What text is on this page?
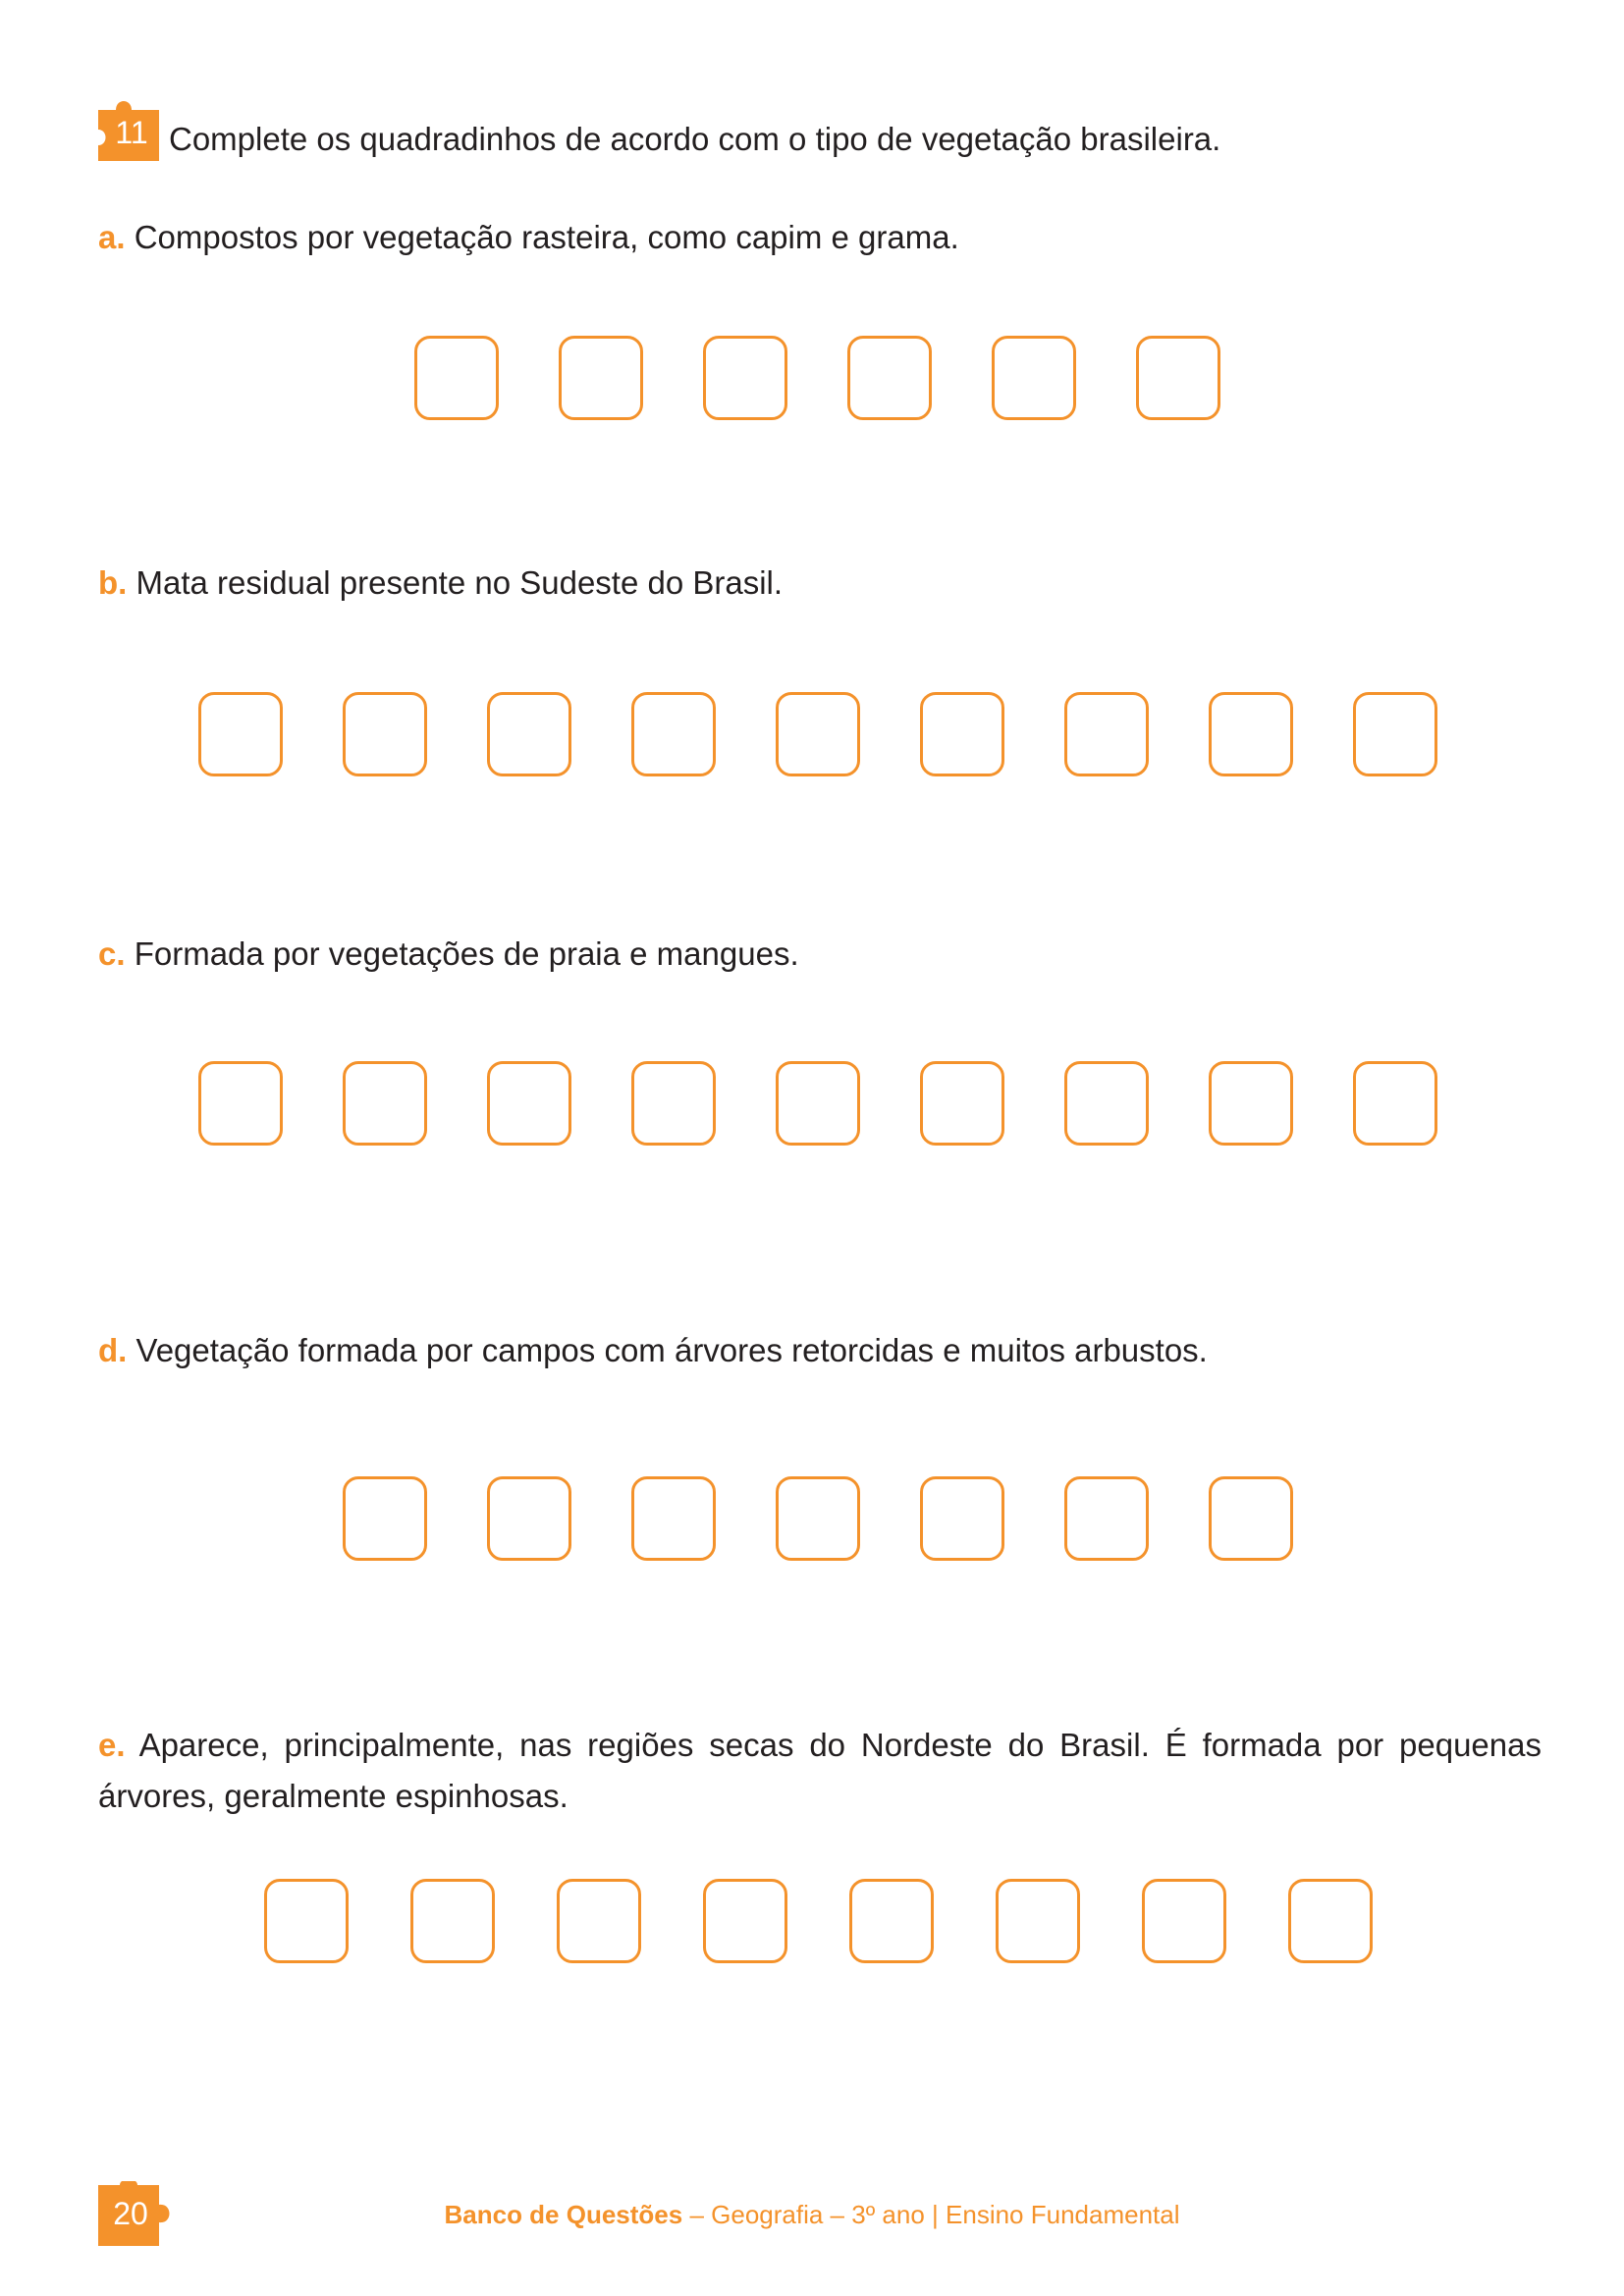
11 Complete os quadradinhos de acordo com o tipo de vegetação brasileira.
a. Compostos por vegetação rasteira, como capim e grama.
b. Mata residual presente no Sudeste do Brasil.
c. Formada por vegetações de praia e mangues.
d. Vegetação formada por campos com árvores retorcidas e muitos arbustos.
e. Aparece, principalmente, nas regiões secas do Nordeste do Brasil. É formada por pequenas árvores, geralmente espinhosas.
20	Banco de Questões – Geografia – 3º ano | Ensino Fundamental
